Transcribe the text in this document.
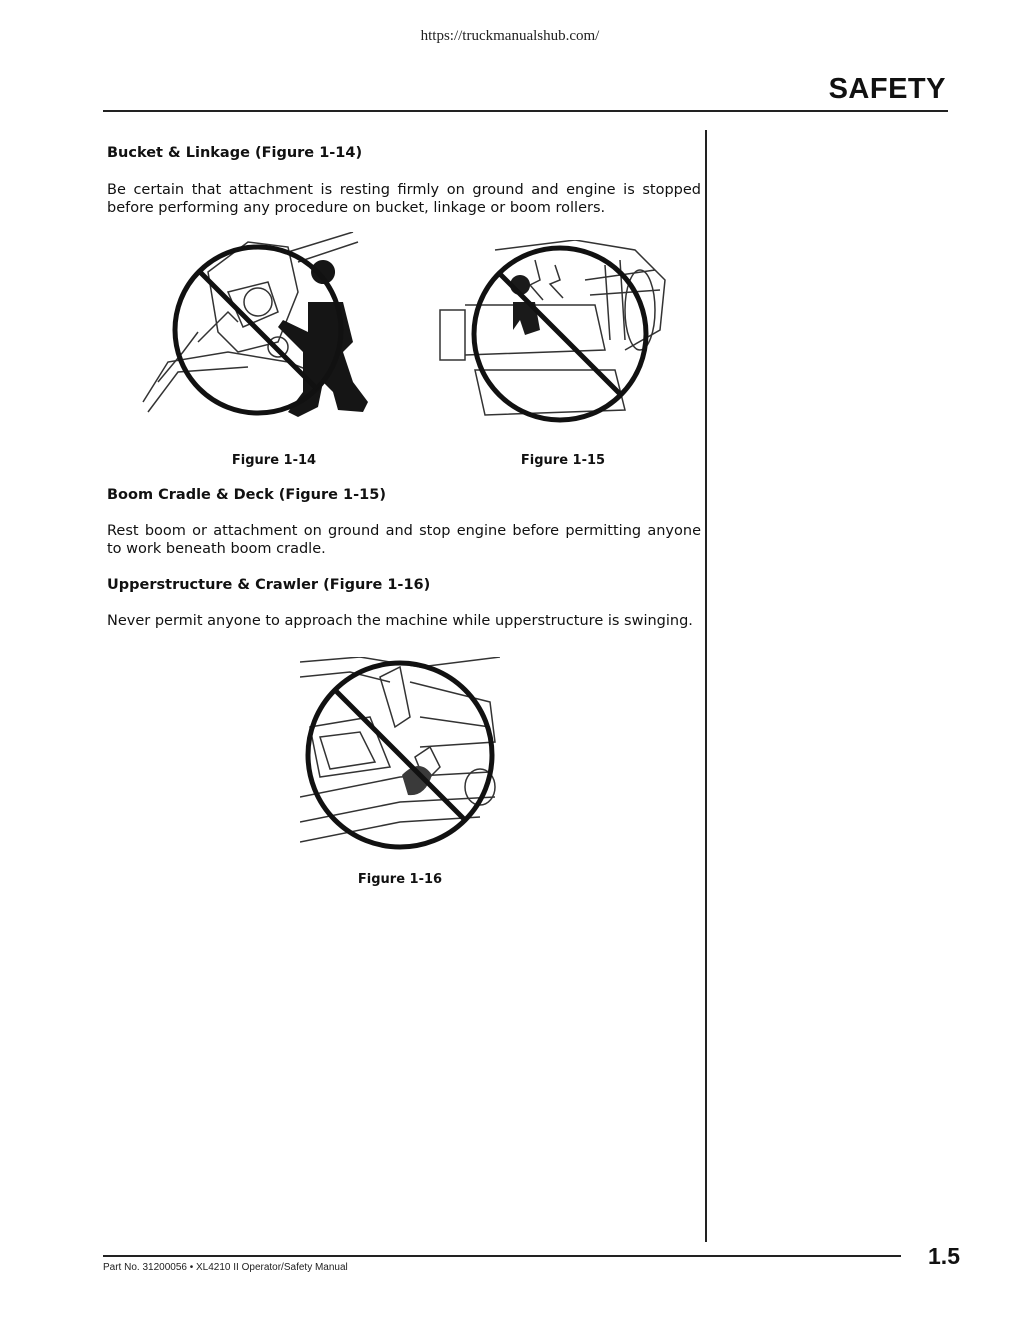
https://truckmanualshub.com/
SAFETY
Bucket & Linkage (Figure 1-14)
Be certain that attachment is resting firmly on ground and engine is stopped before performing any procedure on bucket, linkage or boom rollers.
Figure 1-14	Figure 1-15
Boom Cradle & Deck (Figure 1-15)
Rest boom or attachment on ground and stop engine before permitting anyone to work beneath boom cradle.
Upperstructure & Crawler (Figure 1-16)
Never permit anyone to approach the machine while upperstructure is swinging.
Figure 1-16
Part No. 31200056 • XL4210 II Operator/Safety Manual	1.5
